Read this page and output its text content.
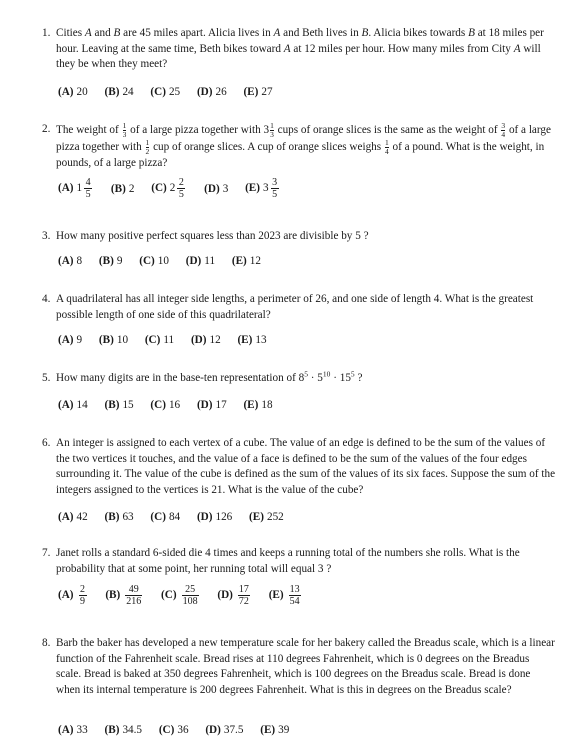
1. Cities A and B are 45 miles apart. Alicia lives in A and Beth lives in B. Alicia bikes towards B at 18 miles per hour. Leaving at the same time, Beth bikes toward A at 12 miles per hour. How many miles from City A will they be when they meet?
(A) 20 (B) 24 (C) 25 (D) 26 (E) 27
2. The weight of $\frac{1}{3}$ of a large pizza together with $3 \frac{1}{3}$ cups of orange slices is the same as the weight of $\frac{3}{4}$ of a large pizza together with $\frac{1}{2}$ cup of orange slices. A cup of orange slices weighs $\frac{1}{4}$ of a pound. What is the weight, in pounds, of a large pizza?
(A) $1 \frac{4}{5} (B)$ 2 (C) $2 \frac{2}{5} (D)$ 3 (E) $3 \frac{3}{5}$
3. How many positive perfect squares less than 2023 are divisible by 5 ?
(A) 8 (B) 9 (C) 10 (D) 11 (E) 12
4. A quadrilateral has all integer side lengths, a perimeter of 26, and one side of length 4. What is the greatest possible length of one side of this quadrilateral?
(A) 9 (B) 10 (C) 11 (D) 12 (E) 13
5. How many digits are in the base-ten representation of $8^5 \cdot 5^{10} \cdot 15^5$ ?
(A) 14 (B) 15 (C) 16 (D) 17 (E) 18
6. An integer is assigned to each vertex of a cube. The value of an edge is defined to be the sum of the values of the two vertices it touches, and the value of a face is defined to be the sum of the values of the four edges surrounding it. The value of the cube is defined as the sum of the values of its six faces. Suppose the sum of the integers assigned to the vertices is 21. What is the value of the cube?
(A) 42 (B) 63 (C) 84 (D) 126 (E) 252
7. Janet rolls a standard 6-sided die 4 times and keeps a running total of the numbers she rolls. What is the probability that at some point, her running total will equal 3 ?
$(A) \frac{2}{9} (B) \frac{49}{216} (C) \frac{25}{108} (D) \frac{17}{72} (E) \frac{13}{54}$
8. Barb the baker has developed a new temperature scale for her bakery called the Breadus scale, which is a linear function of the Fahrenheit scale. Bread rises at 110 degrees Fahrenheit, which is 0 degrees on the Breadus scale. Bread is baked at 350 degrees Fahrenheit, which is 100 degrees on the Breadus scale. Bread is done when its internal temperature is 200 degrees Fahrenheit. What is this in degrees on the Breadus scale?
(A) 33 (B) 34.5 (C) 36 (D) 37.5 (E) 39
